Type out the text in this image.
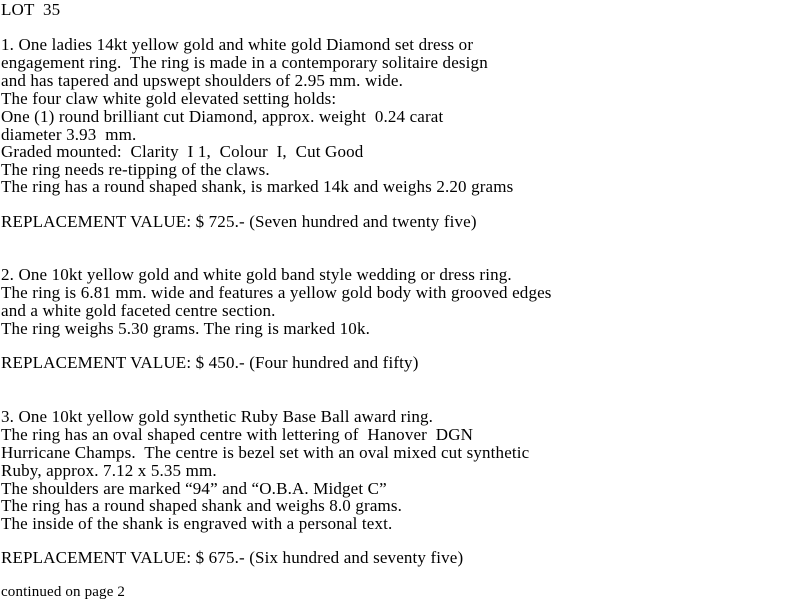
LOT  35
1. One ladies 14kt yellow gold and white gold Diamond set dress or
engagement ring.  The ring is made in a contemporary solitaire design
and has tapered and upswept shoulders of 2.95 mm. wide.
The four claw white gold elevated setting holds:
One (1) round brilliant cut Diamond, approx. weight  0.24 carat
diameter 3.93  mm.
Graded mounted:  Clarity  I 1,  Colour  I,  Cut Good
The ring needs re-tipping of the claws.
The ring has a round shaped shank, is marked 14k and weighs 2.20 grams
REPLACEMENT VALUE: $ 725.- (Seven hundred and twenty five)
2. One 10kt yellow gold and white gold band style wedding or dress ring.
The ring is 6.81 mm. wide and features a yellow gold body with grooved edges
and a white gold faceted centre section.
The ring weighs 5.30 grams. The ring is marked 10k.
REPLACEMENT VALUE: $ 450.- (Four hundred and fifty)
3. One 10kt yellow gold synthetic Ruby Base Ball award ring.
The ring has an oval shaped centre with lettering of  Hanover  DGN
Hurricane Champs.  The centre is bezel set with an oval mixed cut synthetic
Ruby, approx. 7.12 x 5.35 mm.
The shoulders are marked “94” and “O.B.A. Midget C”
The ring has a round shaped shank and weighs 8.0 grams.
The inside of the shank is engraved with a personal text.
REPLACEMENT VALUE: $ 675.- (Six hundred and seventy five)
continued on page 2
